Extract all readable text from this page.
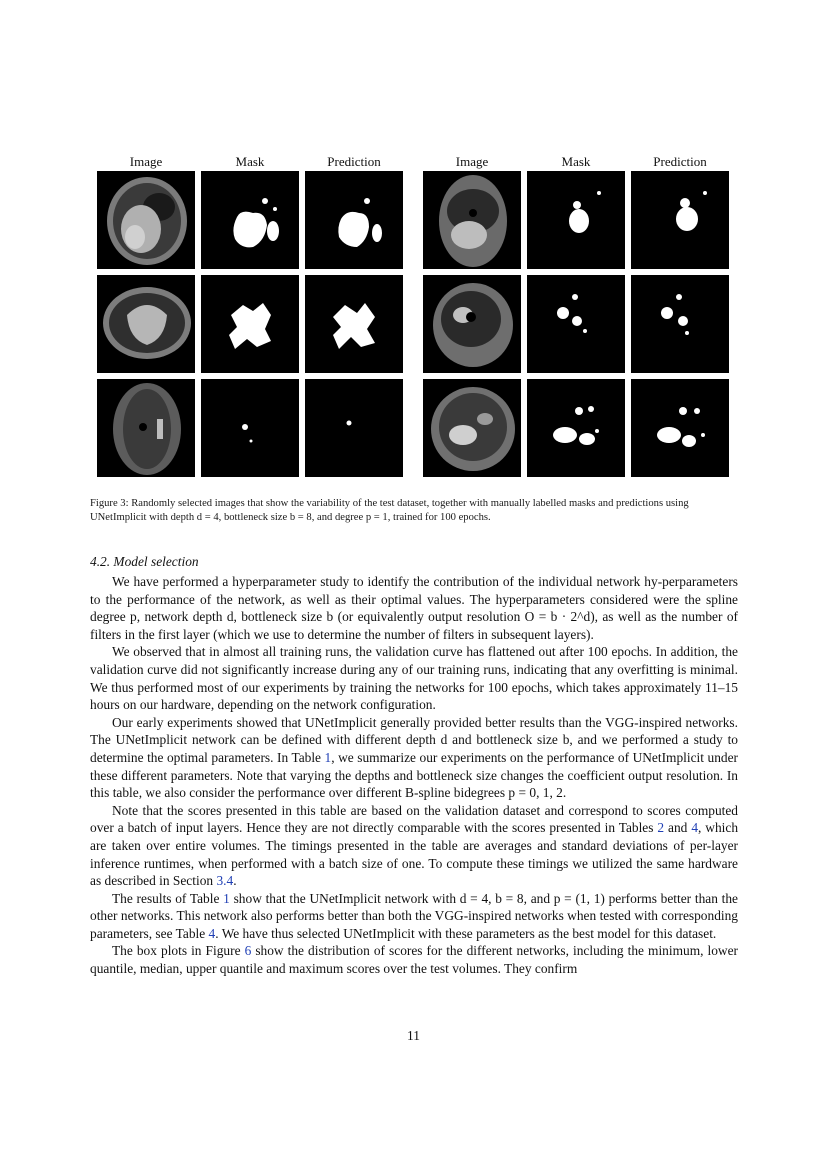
Image	Mask	Prediction	Image	Mask	Prediction
Figure 3: Randomly selected images that show the variability of the test dataset, together with manually labelled masks and predictions using UNetImplicit with depth d = 4, bottleneck size b = 8, and degree p = 1, trained for 100 epochs.
4.2. Model selection

We have performed a hyperparameter study to identify the contribution of the individual network hy-perparameters to the performance of the network, as well as their optimal values. The hyperparameters considered were the spline degree p, network depth d, bottleneck size b (or equivalently output resolution O = b · 2^d), as well as the number of filters in the first layer (which we use to determine the number of filters in subsequent layers).

We observed that in almost all training runs, the validation curve has flattened out after 100 epochs. In addition, the validation curve did not significantly increase during any of our training runs, indicating that any overfitting is minimal. We thus performed most of our experiments by training the networks for 100 epochs, which takes approximately 11–15 hours on our hardware, depending on the network configuration.

Our early experiments showed that UNetImplicit generally provided better results than the VGG-inspired networks. The UNetImplicit network can be defined with different depth d and bottleneck size b, and we performed a study to determine the optimal parameters. In Table 1, we summarize our experiments on the performance of UNetImplicit under these different parameters. Note that varying the depths and bottleneck size changes the coefficient output resolution. In this table, we also consider the performance over different B-spline bidegrees p = 0, 1, 2.

Note that the scores presented in this table are based on the validation dataset and correspond to scores computed over a batch of input layers. Hence they are not directly comparable with the scores presented in Tables 2 and 4, which are taken over entire volumes. The timings presented in the table are averages and standard deviations of per-layer inference runtimes, when performed with a batch size of one. To compute these timings we utilized the same hardware as described in Section 3.4.

The results of Table 1 show that the UNetImplicit network with d = 4, b = 8, and p = (1, 1) performs better than the other networks. This network also performs better than both the VGG-inspired networks when tested with corresponding parameters, see Table 4. We have thus selected UNetImplicit with these parameters as the best model for this dataset.

The box plots in Figure 6 show the distribution of scores for the different networks, including the minimum, lower quantile, median, upper quantile and maximum scores over the test volumes. They confirm

11
